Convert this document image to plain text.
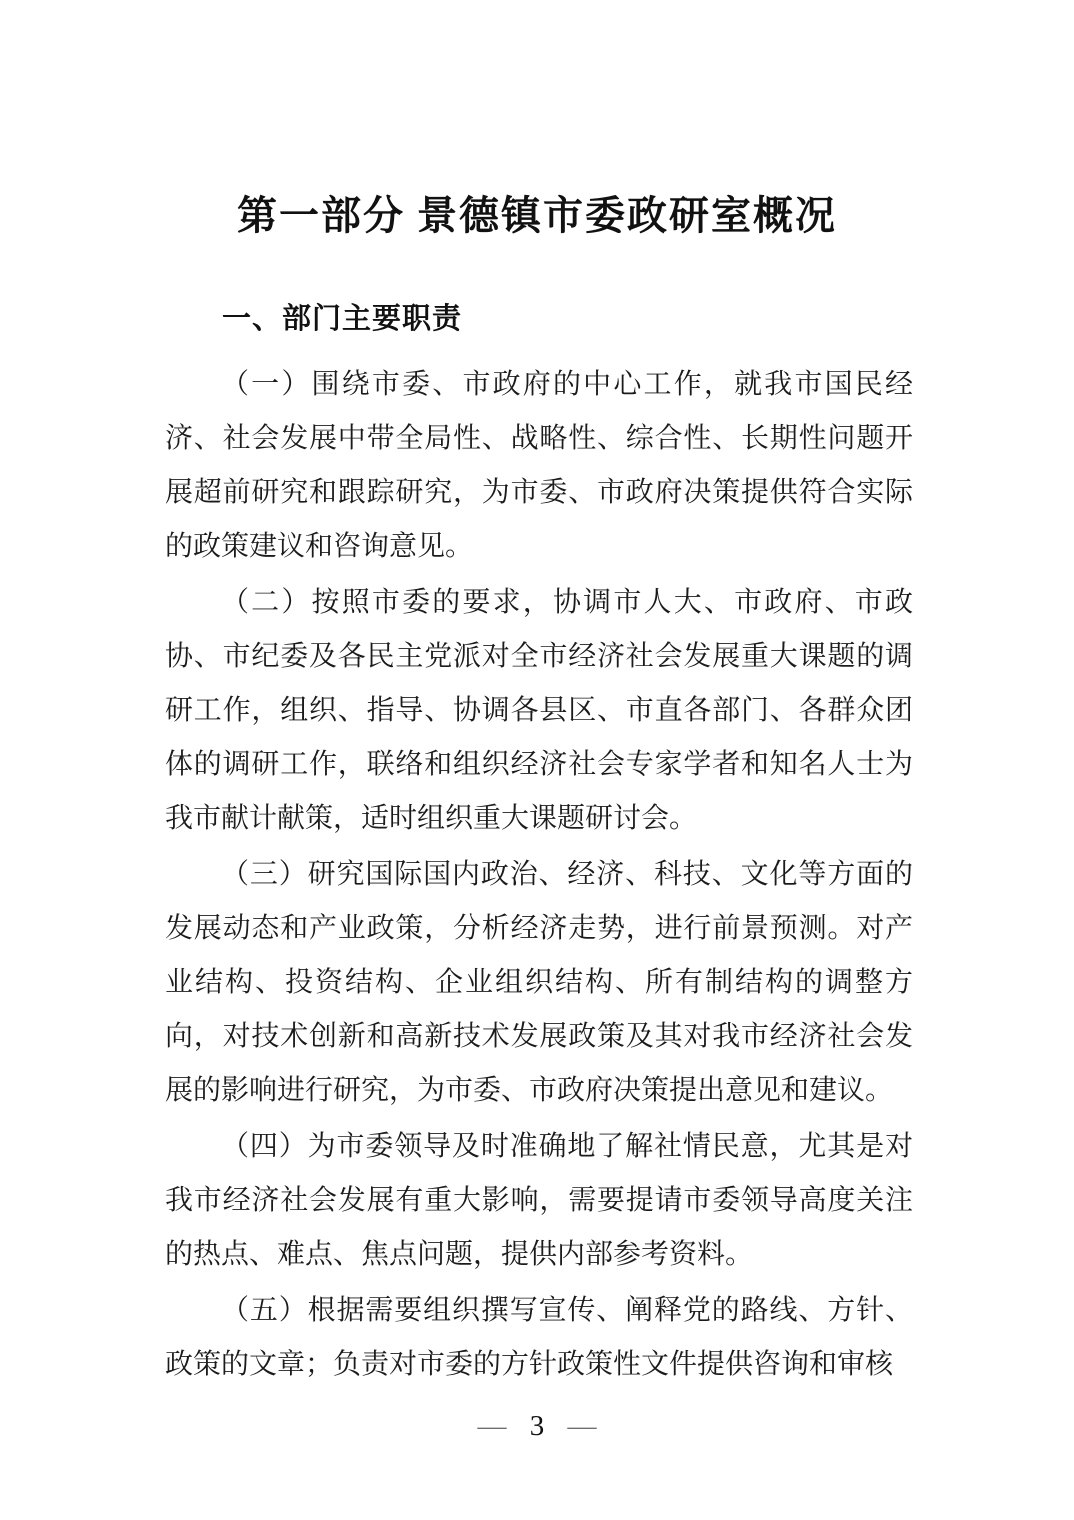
第一部分 景德镇市委政研室概况
一、部门主要职责

（一）围绕市委、市政府的中心工作，就我市国民经济、社会发展中带全局性、战略性、综合性、长期性问题开展超前研究和跟踪研究，为市委、市政府决策提供符合实际的政策建议和咨询意见。

（二）按照市委的要求，协调市人大、市政府、市政协、市纪委及各民主党派对全市经济社会发展重大课题的调研工作，组织、指导、协调各县区、市直各部门、各群众团体的调研工作，联络和组织经济社会专家学者和知名人士为我市献计献策，适时组织重大课题研讨会。

（三）研究国际国内政治、经济、科技、文化等方面的发展动态和产业政策，分析经济走势，进行前景预测。对产业结构、投资结构、企业组织结构、所有制结构的调整方向，对技术创新和高新技术发展政策及其对我市经济社会发展的影响进行研究，为市委、市政府决策提出意见和建议。

（四）为市委领导及时准确地了解社情民意，尤其是对我市经济社会发展有重大影响，需要提请市委领导高度关注的热点、难点、焦点问题，提供内部参考资料。

（五）根据需要组织撰写宣传、阐释党的路线、方针、政策的文章；负责对市委的方针政策性文件提供咨询和审核

— 3 —
